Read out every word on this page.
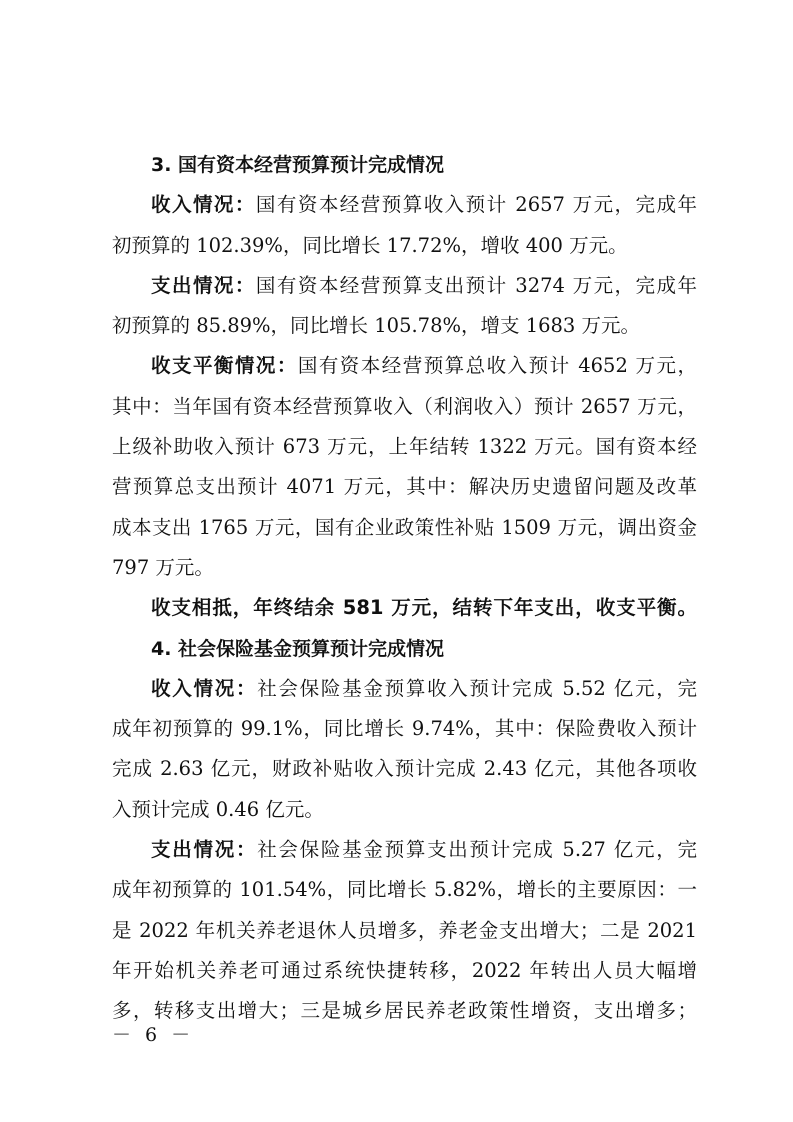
3. 国有资本经营预算预计完成情况
收入情况：国有资本经营预算收入预计 2657 万元，完成年
初预算的 102.39%，同比增长 17.72%，增收 400 万元。
支出情况：国有资本经营预算支出预计 3274 万元，完成年
初预算的 85.89%，同比增长 105.78%，增支 1683 万元。
收支平衡情况：国有资本经营预算总收入预计 4652 万元，
其中：当年国有资本经营预算收入（利润收入）预计 2657 万元，
上级补助收入预计 673 万元，上年结转 1322 万元。国有资本经
营预算总支出预计 4071 万元，其中：解决历史遗留问题及改革
成本支出 1765 万元，国有企业政策性补贴 1509 万元，调出资金
797 万元。
收支相抵，年终结余 581 万元，结转下年支出，收支平衡。
4. 社会保险基金预算预计完成情况
收入情况：社会保险基金预算收入预计完成 5.52 亿元，完
成年初预算的 99.1%，同比增长 9.74%，其中：保险费收入预计
完成 2.63 亿元，财政补贴收入预计完成 2.43 亿元，其他各项收
入预计完成 0.46 亿元。
支出情况：社会保险基金预算支出预计完成 5.27 亿元，完
成年初预算的 101.54%，同比增长 5.82%，增长的主要原因：一
是 2022 年机关养老退休人员增多，养老金支出增大；二是 2021
年开始机关养老可通过系统快捷转移，2022 年转出人员大幅增
多，转移支出增大；三是城乡居民养老政策性增资，支出增多；
－ 6 －
